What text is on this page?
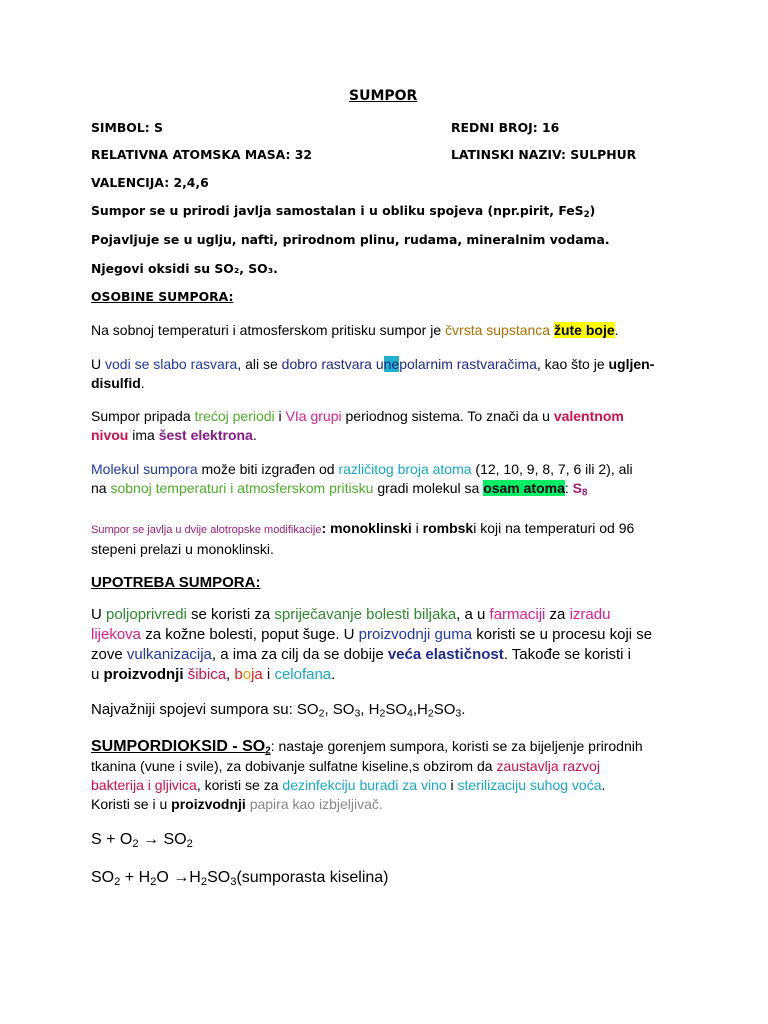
SUMPOR
SIMBOL: S	REDNI BROJ: 16
RELATIVNA ATOMSKA MASA: 32	LATINSKI NAZIV: SULPHUR
VALENCIJA: 2,4,6
Sumpor se u prirodi javlja samostalan i u obliku spojeva (npr.pirit, FeS$_2$)
Pojavljuje se u uglju, nafti, prirodnom plinu, rudama, mineralnim vodama.
Njegovi oksidi su SO₂, SO₃.
OSOBINE SUMPORA:
Na sobnoj temperaturi i atmosferskom pritisku sumpor je čvrsta supstanca žute boje.
U vodi se slabo rasvara, ali se dobro rastvara unepolarnim rastvaračima, kao što je ugljen-
disulfid.
Sumpor pripada trećoj periodi i VIa grupi periodnog sistema. To znači da u valentnom
nivou ima šest elektrona.
Molekul sumpora može biti izgrađen od različitog broja atoma (12, 10, 9, 8, 7, 6 ili 2), ali
na sobnoj temperaturi i atmosferskom pritisku gradi molekul sa osam atoma: $S_8$
Sumpor se javlja u dvije alotropske modifikacije: monoklinski i rombski koji na temperaturi od 96
stepeni prelazi u monoklinski.
UPOTREBA SUMPORA:
U poljoprivredi se koristi za spriječavanje bolesti biljaka, a u farmaciji za izradu
lijekova za kožne bolesti, poput šuge. U proizvodnji guma koristi se u procesu koji se
zove vulkanizacija, a ima za cilj da se dobije veća elastičnost. Takođe se koristi i
u proizvodnji šibica, boja i celofana.
Najvažniji spojevi sumpora su: $SO_2$, $SO_3$, $H_2SO_4,H_2SO_3$.
SUMPORDIOKSID - $SO_2$: nastaje gorenjem sumpora, koristi se za bijeljenje prirodnih
tkanina (vune i svile), za dobivanje sulfatne kiseline,s obzirom da zaustavlja razvoj
bakterija i gljivica, koristi se za dezinfekciju buradi za vino i sterilizaciju suhog voća.
Koristi se i u proizvodnji papira kao izbjeljivač.
$S + O_2 \to SO_2$
$SO_2 + H_2O$ $\to H_2SO_3(sumporasta$ kiselina)
